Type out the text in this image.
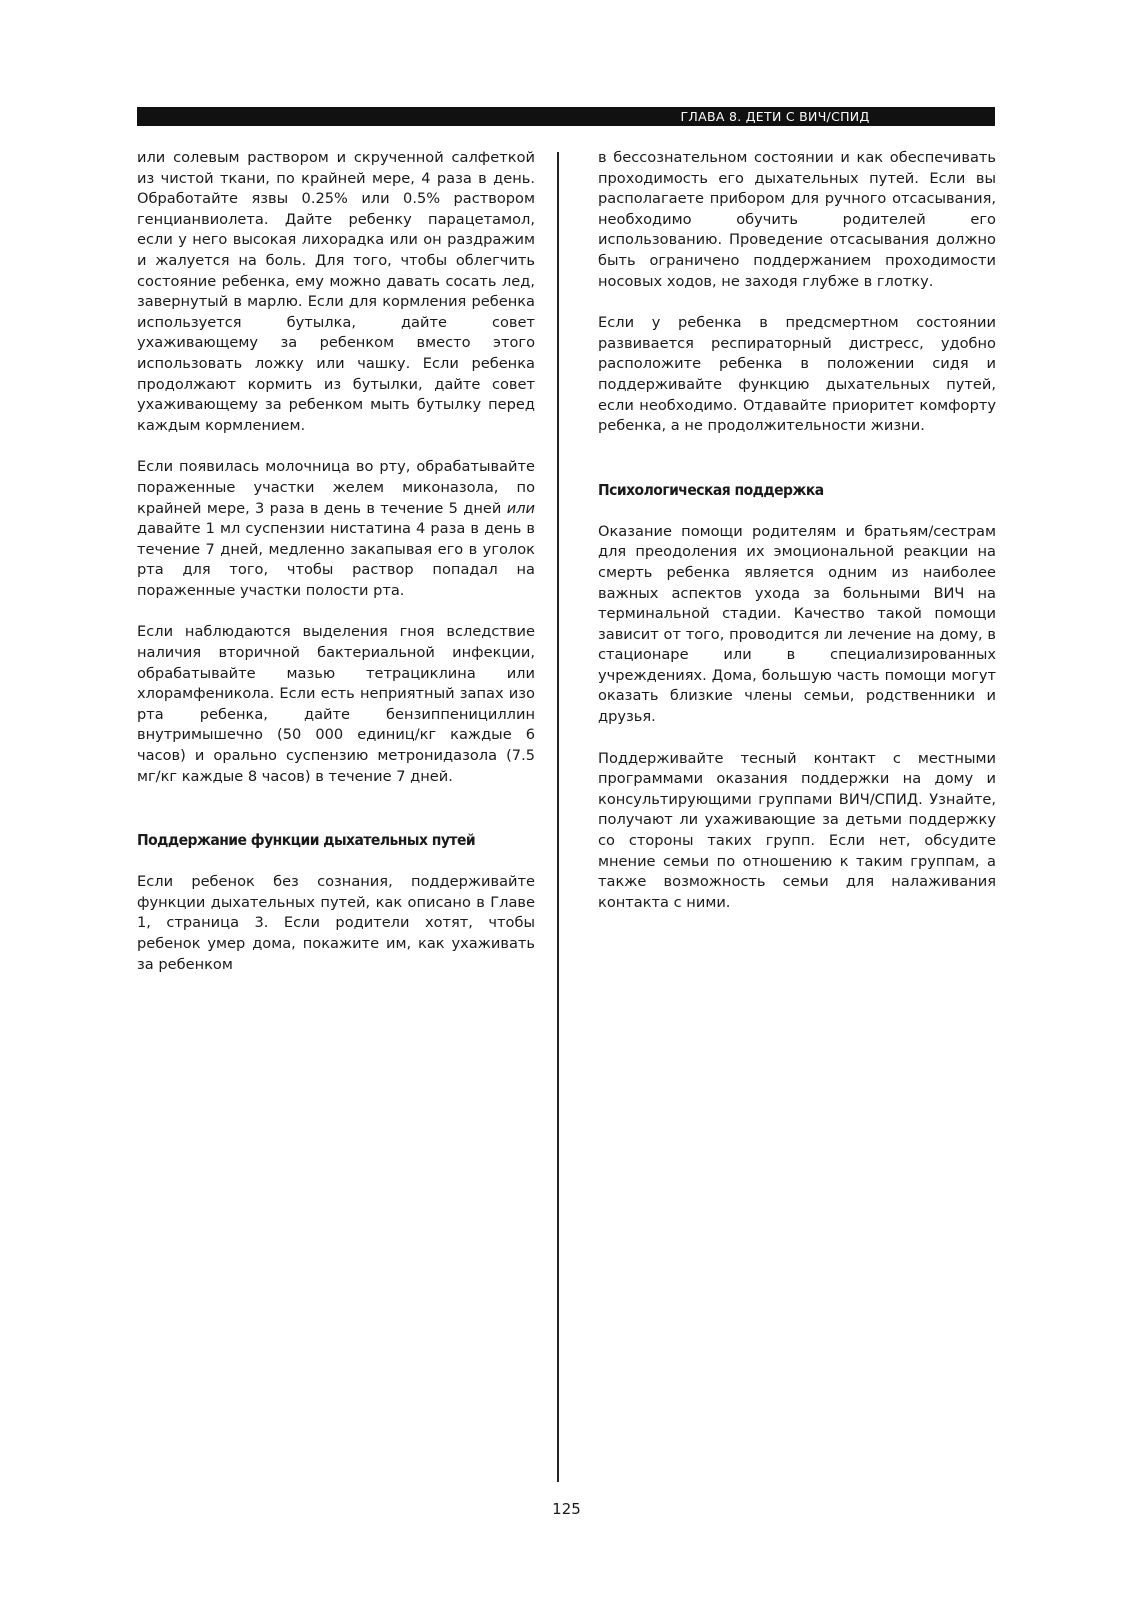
ГЛАВА 8. ДЕТИ С ВИЧ/СПИД

или солевым раствором и скрученной салфеткой из чистой ткани, по крайней мере, 4 раза в день. Обработайте язвы 0.25% или 0.5% раствором генцианвиолета. Дайте ребенку парацетамол, если у него высокая лихорадка или он раздражим и жалуется на боль. Для того, чтобы облегчить состояние ребенка, ему можно давать сосать лед, завернутый в марлю. Если для кормления ребенка используется бутылка, дайте совет ухаживающему за ребенком вместо этого использовать ложку или чашку. Если ребенка продолжают кормить из бутылки, дайте совет ухаживающему за ребенком мыть бутылку перед каждым кормлением.

Если появилась молочница во рту, обрабатывайте пораженные участки желем миконазола, по крайней мере, 3 раза в день в течение 5 дней или давайте 1 мл суспензии нистатина 4 раза в день в течение 7 дней, медленно закапывая его в уголок рта для того, чтобы раствор попадал на пораженные участки полости рта.

Если наблюдаются выделения гноя вследствие наличия вторичной бактериальной инфекции, обрабатывайте мазью тетрациклина или хлорамфеникола. Если есть неприятный запах изо рта ребенка, дайте бензиппенициллин внутримышечно (50 000 единиц/кг каждые 6 часов) и орально суспензию метронидазола (7.5 мг/кг каждые 8 часов) в течение 7 дней.

Поддержание функции дыхательных путей

Если ребенок без сознания, поддерживайте функции дыхательных путей, как описано в Главе 1, страница 3. Если родители хотят, чтобы ребенок умер дома, покажите им, как ухаживать за ребенком

в бессознательном состоянии и как обеспечивать проходимость его дыхательных путей. Если вы располагаете прибором для ручного отсасывания, необходимо обучить родителей его использованию. Проведение отсасывания должно быть ограничено поддержанием проходимости носовых ходов, не заходя глубже в глотку.

Если у ребенка в предсмертном состоянии развивается респираторный дистресс, удобно расположите ребенка в положении сидя и поддерживайте функцию дыхательных путей, если необходимо. Отдавайте приоритет комфорту ребенка, а не продолжительности жизни.

Психологическая поддержка

Оказание помощи родителям и братьям/сестрам для преодоления их эмоциональной реакции на смерть ребенка является одним из наиболее важных аспектов ухода за больными ВИЧ на терминальной стадии. Качество такой помощи зависит от того, проводится ли лечение на дому, в стационаре или в специализированных учреждениях. Дома, большую часть помощи могут оказать близкие члены семьи, родственники и друзья.

Поддерживайте тесный контакт с местными программами оказания поддержки на дому и консультирующими группами ВИЧ/СПИД. Узнайте, получают ли ухаживающие за детьми поддержку со стороны таких групп. Если нет, обсудите мнение семьи по отношению к таким группам, а также возможность семьи для налаживания контакта с ними.

125
